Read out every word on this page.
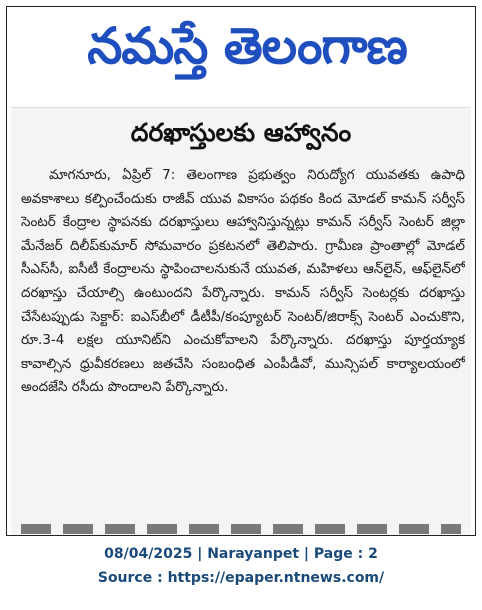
నమస్తే తెలంగాణ
దరఖాస్తులకు ఆహ్వానం
మాగనూరు, ఏప్రిల్ 7: తెలంగాణ ప్రభుత్వం నిరుద్యోగ యువతకు ఉపాధి అవకాశాలు కల్పించేందుకు రాజీవ్ యువ వికాసం పథకం కింద మోడల్ కామన్ సర్వీస్ సెంటర్ కేంద్రాల స్థాపనకు దరఖాస్తులు ఆహ్వానిస్తున్నట్లు కామన్ సర్వీస్ సెంటర్ జిల్లా మేనేజర్ దిలీప్‌కుమార్ సోమవారం ప్రకటనలో తెలిపారు. గ్రామీణ ప్రాంతాల్లో మోడల్ సీఎస్‌సీ, ఐసీటీ కేంద్రాలను స్థాపించాలనుకునే యువత, మహిళలు ఆన్‌లైన్, ఆఫ్‌లైన్‌లో దరఖాస్తు చేయాల్సి ఉంటుందని పేర్కొన్నారు. కామన్ సర్వీస్ సెంటర్లకు దరఖాస్తు చేసేటప్పుడు సెక్టార్: ఐఎస్‌బీలో డీటీపీ/కంప్యూటర్ సెంటర్/జిరాక్స్ సెంటర్ ఎంచుకొని, రూ.3-4 లక్షల యూనిట్‌ని ఎంచుకోవాలని పేర్కొన్నారు. దరఖాస్తు పూర్తయ్యాక కావాల్సిన ధ్రువీకరణలు జతచేసి సంబంధిత ఎంపీడీవో, మున్సిపల్ కార్యాలయంలో అందజేసి రసీదు పొందాలని పేర్కొన్నారు.
08/04/2025 | Narayanpet | Page : 2
Source : https://epaper.ntnews.com/
